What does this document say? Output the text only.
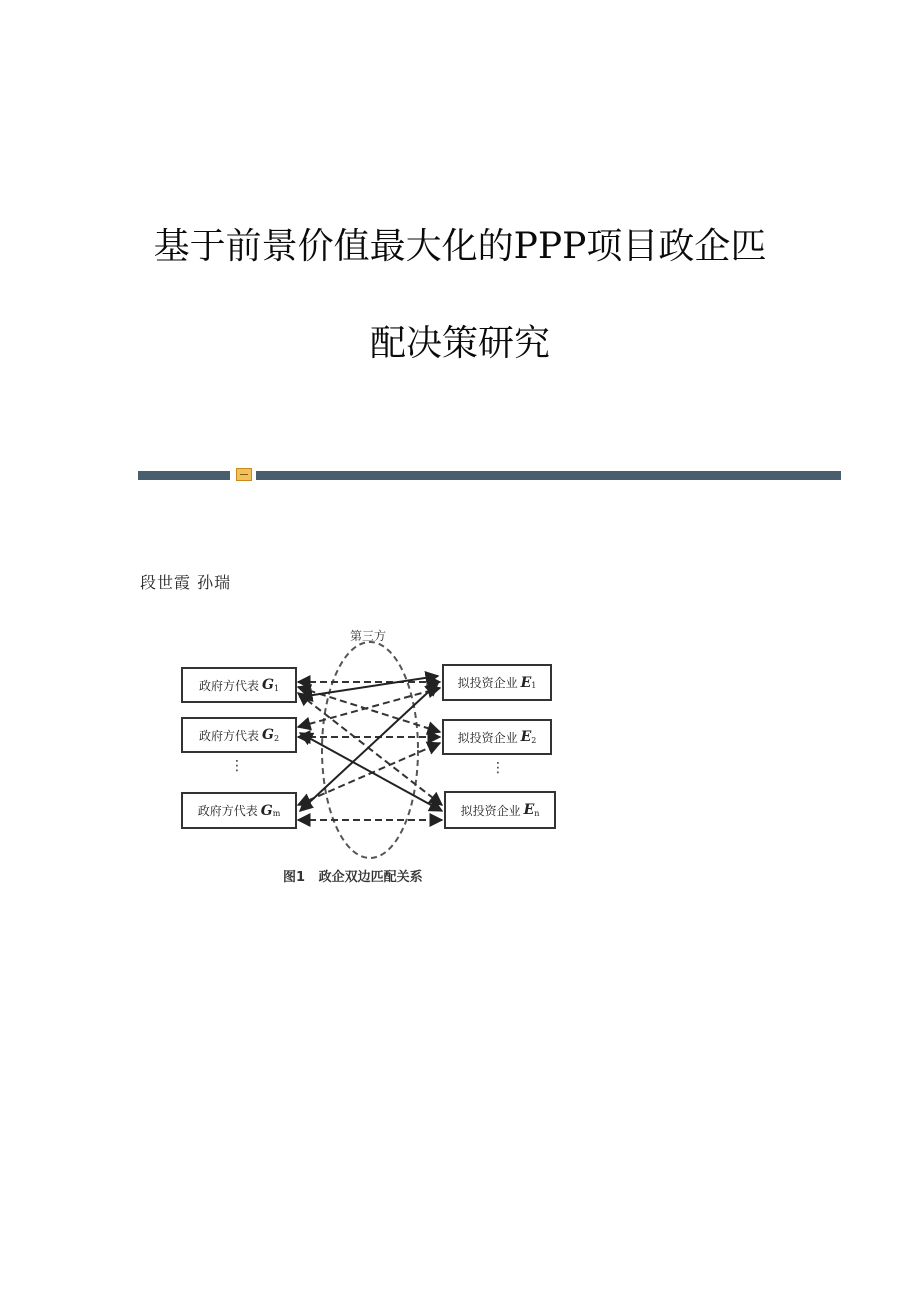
基于前景价值最大化的PPP项目政企匹
配决策研究
段世霞 孙瑞
第三方
政府方代表 G 1
政府方代表 G 2
⋮
政府方代表 G m
拟投资企业 E 1
拟投资企业 E 2
⋮
拟投资企业 E n
图1   政企双边匹配关系
